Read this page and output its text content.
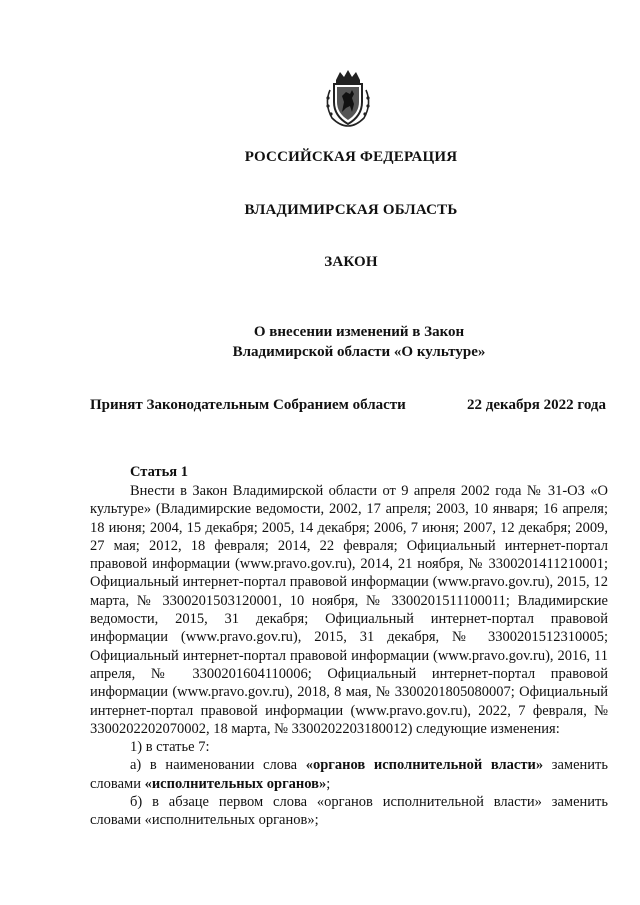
РОССИЙСКАЯ ФЕДЕРАЦИЯ
ВЛАДИМИРСКАЯ ОБЛАСТЬ
ЗАКОН
О внесении изменений в Закон
Владимирской области «О культуре»
Принят Законодательным Собранием области	22 декабря 2022 года
Статья 1

Внести в Закон Владимирской области от 9 апреля 2002 года № 31-ОЗ «О культуре» (Владимирские ведомости, 2002, 17 апреля; 2003, 10 января; 16 апреля; 18 июня; 2004, 15 декабря; 2005, 14 декабря; 2006, 7 июня; 2007, 12 декабря; 2009, 27 мая; 2012, 18 февраля; 2014, 22 февраля; Официальный интернет-портал правовой информации (www.pravo.gov.ru), 2014, 21 ноября, № 3300201411210001; Официальный интернет-портал правовой информации (www.pravo.gov.ru), 2015, 12 марта, № 3300201503120001, 10 ноября, № 3300201511100011; Владимирские ведомости, 2015, 31 декабря; Официальный интернет-портал правовой информации (www.pravo.gov.ru), 2015, 31 декабря, № 3300201512310005; Официальный интернет-портал правовой информации (www.pravo.gov.ru), 2016, 11 апреля, № 3300201604110006; Официальный интернет-портал правовой информации (www.pravo.gov.ru), 2018, 8 мая, № 3300201805080007; Официальный интернет-портал правовой информации (www.pravo.gov.ru), 2022, 7 февраля, № 3300202202070002, 18 марта, № 3300202203180012) следующие изменения:

1) в статье 7:

а) в наименовании слова «органов исполнительной власти» заменить словами «исполнительных органов»;

б) в абзаце первом слова «органов исполнительной власти» заменить словами «исполнительных органов»;
